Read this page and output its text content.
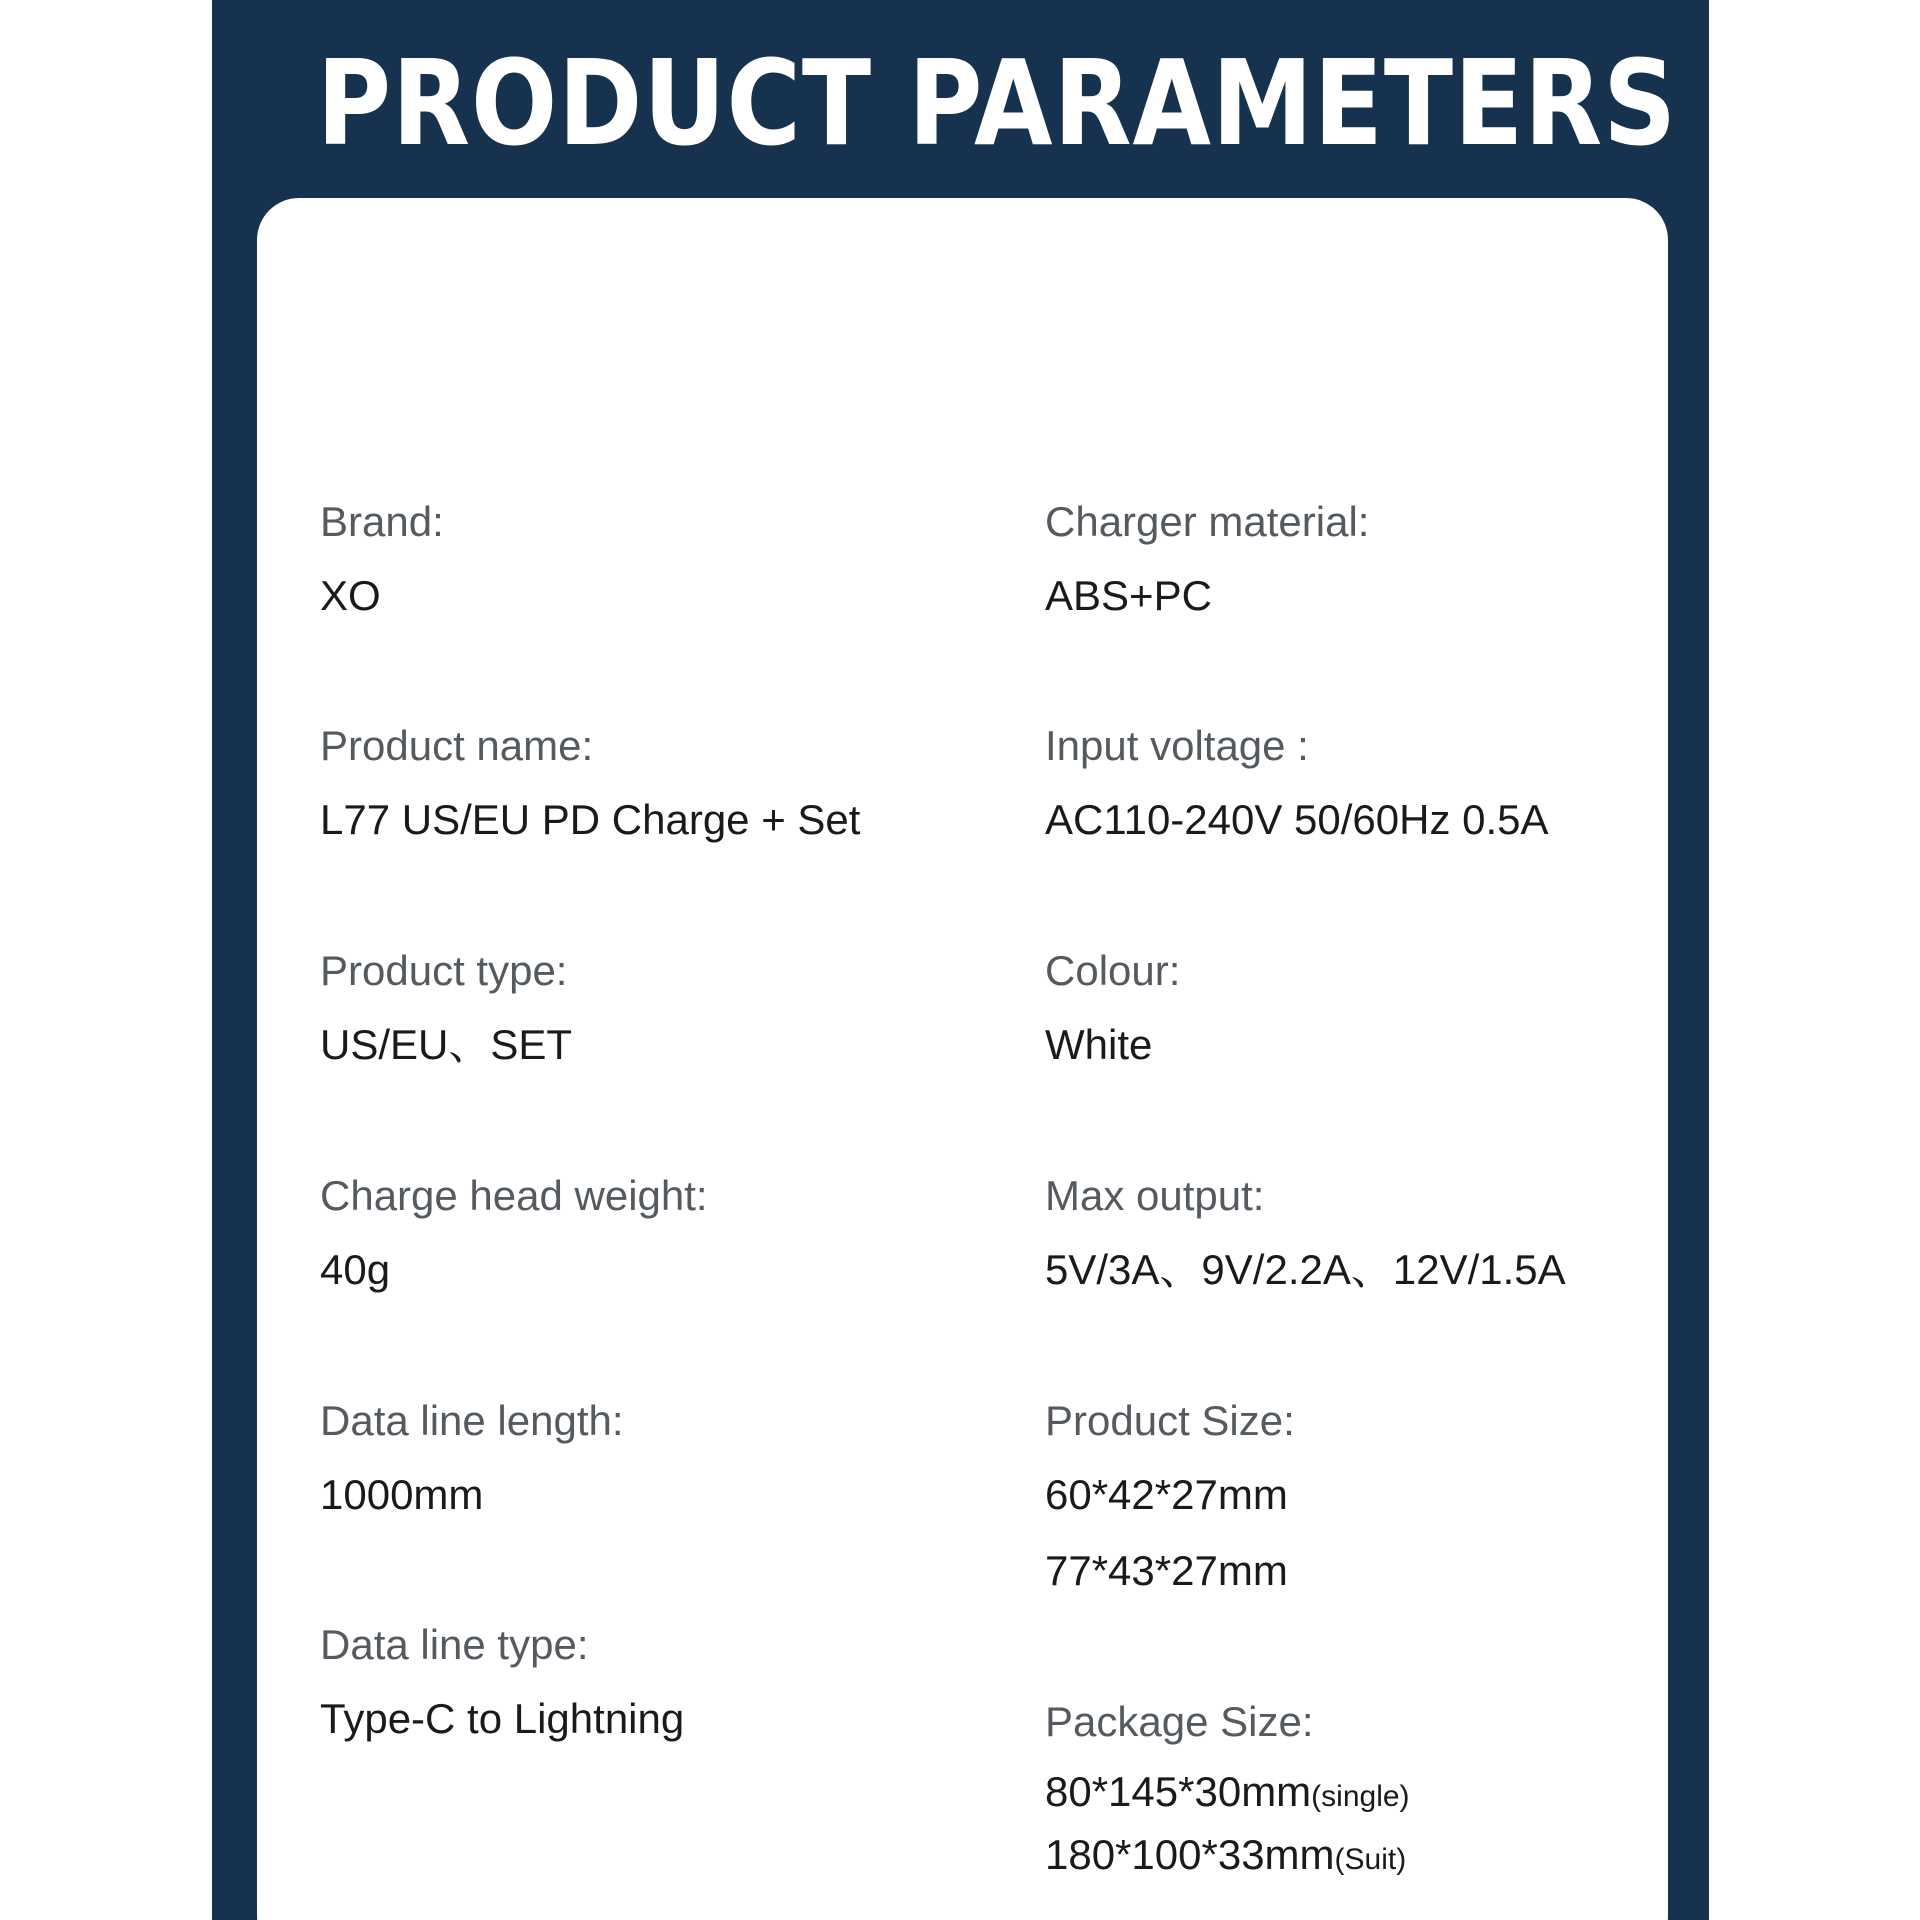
PRODUCT PARAMETERS
Brand:
XO
Product name:
L77 US/EU PD Charge + Set
Product type:
US/EU、SET
Charge head weight:
40g
Data line length:
1000mm
Data line type:
Type-C to Lightning
Charger material:
ABS+PC
Input voltage :
AC110-240V 50/60Hz 0.5A
Colour:
White
Max output:
5V/3A、9V/2.2A、12V/1.5A
Product Size:
60*42*27mm
77*43*27mm
Package Size:
80*145*30mm(single)
180*100*33mm(Suit)
